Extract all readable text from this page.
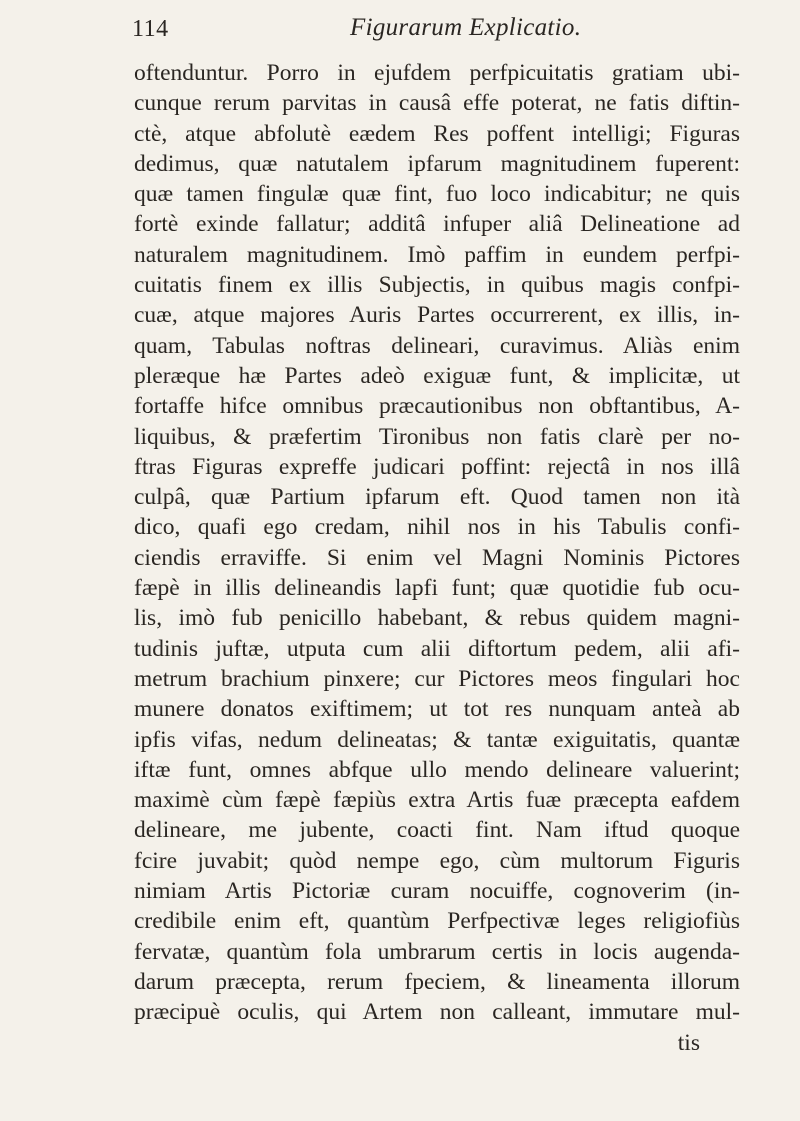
114	Figurarum Explicatio.
oftenduntur. Porro in ejufdem perfpicuitatis gratiam ubi-
cunque rerum parvitas in causâ effe poterat, ne fatis diftin-
ctè, atque abfolutè eædem Res poffent intelligi; Figuras
dedimus, quæ natutalem ipfarum magnitudinem fuperent:
quæ tamen fingulæ quæ fint, fuo loco indicabitur; ne quis
fortè exinde fallatur; additâ infuper aliâ Delineatione ad
naturalem magnitudinem. Imò paffim in eundem perfpi-
cuitatis finem ex illis Subjectis, in quibus magis confpi-
cuæ, atque majores Auris Partes occurrerent, ex illis, in-
quam, Tabulas noftras delineari, curavimus. Aliàs enim
pleræque hæ Partes adeò exiguæ funt, & implicitæ, ut
fortaffe hifce omnibus præcautionibus non obftantibus, A-
liquibus, & præfertim Tironibus non fatis clarè per no-
ftras Figuras expreffe judicari poffint: rejectâ in nos illâ
culpâ, quæ Partium ipfarum eft. Quod tamen non ità
dico, quafi ego credam, nihil nos in his Tabulis confi-
ciendis erraviffe. Si enim vel Magni Nominis Pictores
fæpè in illis delineandis lapfi funt; quæ quotidie fub ocu-
lis, imò fub penicillo habebant, & rebus quidem magni-
tudinis juftæ, utputa cum alii diftortum pedem, alii afi-
metrum brachium pinxere; cur Pictores meos fingulari hoc
munere donatos exiftimem; ut tot res nunquam anteà ab
ipfis vifas, nedum delineatas; & tantæ exiguitatis, quantæ
iftæ funt, omnes abfque ullo mendo delineare valuerint;
maximè cùm fæpè fæpiùs extra Artis fuæ præcepta eafdem
delineare, me jubente, coacti fint. Nam iftud quoque
fcire juvabit; quòd nempe ego, cùm multorum Figuris
nimiam Artis Pictoriæ curam nocuiffe, cognoverim (in-
credibile enim eft, quantùm Perfpectivæ leges religiofiùs
fervatæ, quantùm fola umbrarum certis in locis augenda-
darum præcepta, rerum fpeciem, & lineamenta illorum
præcipuè oculis, qui Artem non calleant, immutare mul-
tis
